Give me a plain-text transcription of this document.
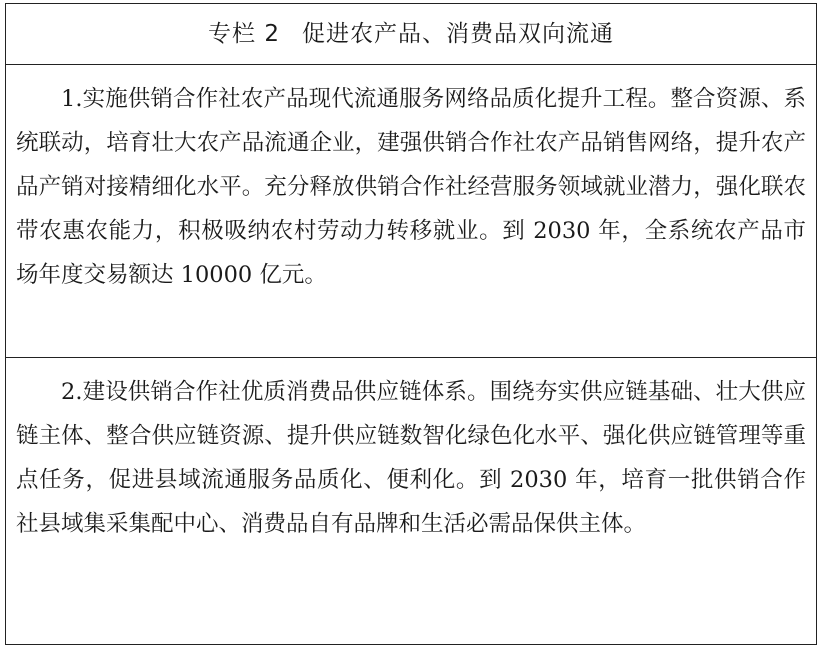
专栏 2 促进农产品、消费品双向流通

1.实施供销合作社农产品现代流通服务网络品质化提升工程。整合资源、系统联动，培育壮大农产品流通企业，建强供销合作社农产品销售网络，提升农产品产销对接精细化水平。充分释放供销合作社经营服务领域就业潜力，强化联农带农惠农能力，积极吸纳农村劳动力转移就业。到 2030 年，全系统农产品市场年度交易额达 10000 亿元。

2.建设供销合作社优质消费品供应链体系。围绕夯实供应链基础、壮大供应链主体、整合供应链资源、提升供应链数智化绿色化水平、强化供应链管理等重点任务，促进县域流通服务品质化、便利化。到 2030 年，培育一批供销合作社县域集采集配中心、消费品自有品牌和生活必需品保供主体。
